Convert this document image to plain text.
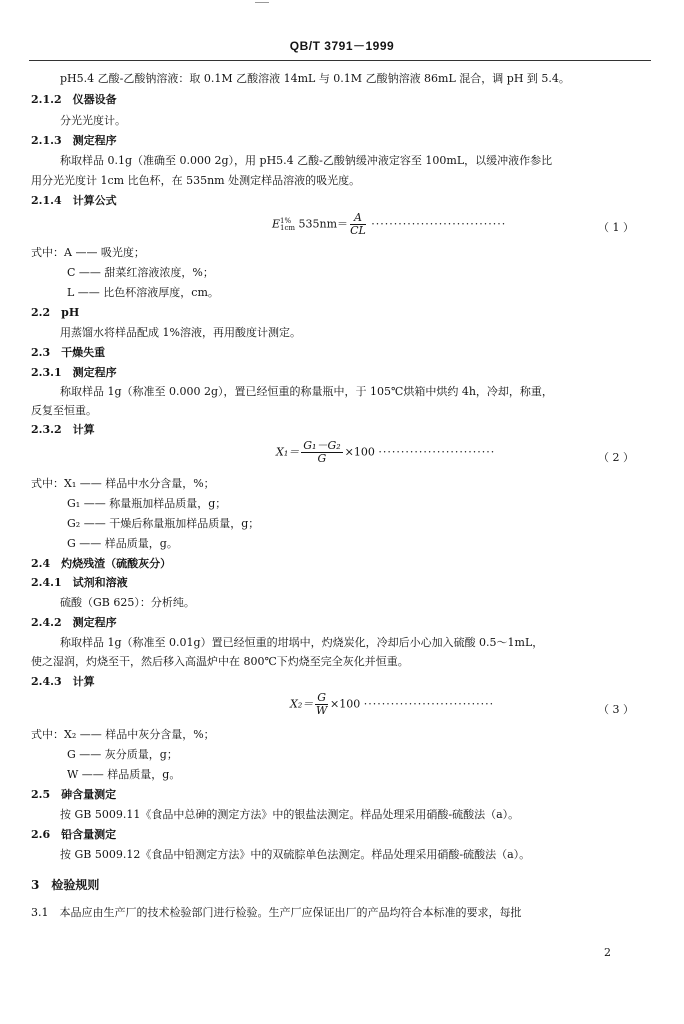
QB/T 3791－1999
pH5.4 乙酸-乙酸钠溶液：取 0.1M 乙酸溶液 14mL 与 0.1M 乙酸钠溶液 86mL 混合，调 pH 到 5.4。
2.1.2　仪器设备
分光光度计。
2.1.3　测定程序
称取样品 0.1g（准确至 0.000 2g），用 pH5.4 乙酸-乙酸钠缓冲液定容至 100mL，以缓冲液作参比
用分光光度计 1cm 比色杯，在 535nm 处测定样品溶液的吸光度。
2.1.4　计算公式
E 1%
1cm $535nm= \frac{A}{CL}$ ······························	（ 1 ）
式中：A —— 吸光度；
C —— 甜菜红溶液浓度，%；
L —— 比色杯溶液厚度，cm。
2.2　pH
用蒸馏水将样品配成 1%溶液，再用酸度计测定。
2.3　干燥失重
2.3.1　测定程序
称取样品 1g（称准至 0.000 2g），置已经恒重的称量瓶中，于 105℃烘箱中烘约 4h，冷却，称重，
反复至恒重。
2.3.2　计算
$X_1= \frac{\text{G₁－G₂}}{G} \times 100$ ··························	（ 2 ）
式中：X₁ —— 样品中水分含量，%；
G₁ —— 称量瓶加样品质量，g；
G₂ —— 干燥后称量瓶加样品质量，g；
G —— 样品质量，g。
2.4　灼烧残渣（硫酸灰分）
2.4.1　试剂和溶液
硫酸（GB 625）：分析纯。
2.4.2　测定程序
称取样品 1g（称准至 0.01g）置已经恒重的坩埚中，灼烧炭化，冷却后小心加入硫酸 0.5～1mL，
使之湿润，灼烧至干，然后移入高温炉中在 800℃下灼烧至完全灰化并恒重。
2.4.3　计算
$X_2= \frac{G}{W} \times 100$ ·····························	（ 3 ）
式中：X₂ —— 样品中灰分含量，%；
G —— 灰分质量，g；
W —— 样品质量，g。
2.5　砷含量测定
按 GB 5009.11《食品中总砷的测定方法》中的银盐法测定。样品处理采用硝酸-硫酸法（a）。
2.6　铅含量测定
按 GB 5009.12《食品中铅测定方法》中的双硫腙单色法测定。样品处理采用硝酸-硫酸法（a）。
3　检验规则
3.1　本品应由生产厂的技术检验部门进行检验。生产厂应保证出厂的产品均符合本标准的要求，每批
2
